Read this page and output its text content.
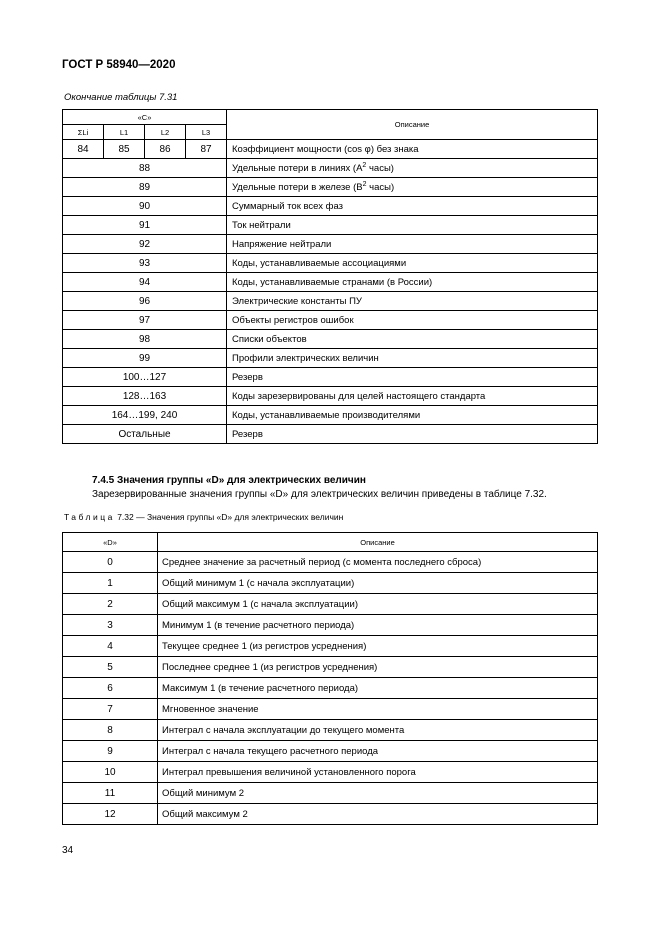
ГОСТ Р 58940—2020
Окончание таблицы 7.31
«C»				Описание
ΣLi	L1	L2	L3	
84	85	86	87	Коэффициент мощности (cos φ) без знака
88				Удельные потери в линиях ($A^2$ часы)
89				Удельные потери в железе ($B^2$ часы)
90				Суммарный ток всех фаз
91				Ток нейтрали
92				Напряжение нейтрали
93				Коды, устанавливаемые ассоциациями
94				Коды, устанавливаемые странами (в России)
96				Электрические константы ПУ
97				Объекты регистров ошибок
98				Списки объектов
99				Профили электрических величин
100…127				Резерв
128…163				Коды зарезервированы для целей настоящего стандарта
164…199, 240				Коды, устанавливаемые производителями
Остальные				Резерв
7.4.5 Значения группы «D» для электрических величин
Зарезервированные значения группы «D» для электрических величин приведены в таблице 7.32.
Таблица 7.32 — Значения группы «D» для электрических величин
«D»	Описание
0	Среднее значение за расчетный период (с момента последнего сброса)
1	Общий минимум 1 (с начала эксплуатации)
2	Общий максимум 1 (с начала эксплуатации)
3	Минимум 1 (в течение расчетного периода)
4	Текущее среднее 1 (из регистров усреднения)
5	Последнее среднее 1 (из регистров усреднения)
6	Максимум 1 (в течение расчетного периода)
7	Мгновенное значение
8	Интеграл с начала эксплуатации до текущего момента
9	Интеграл с начала текущего расчетного периода
10	Интеграл превышения величиной установленного порога
11	Общий минимум 2
12	Общий максимум 2
34
